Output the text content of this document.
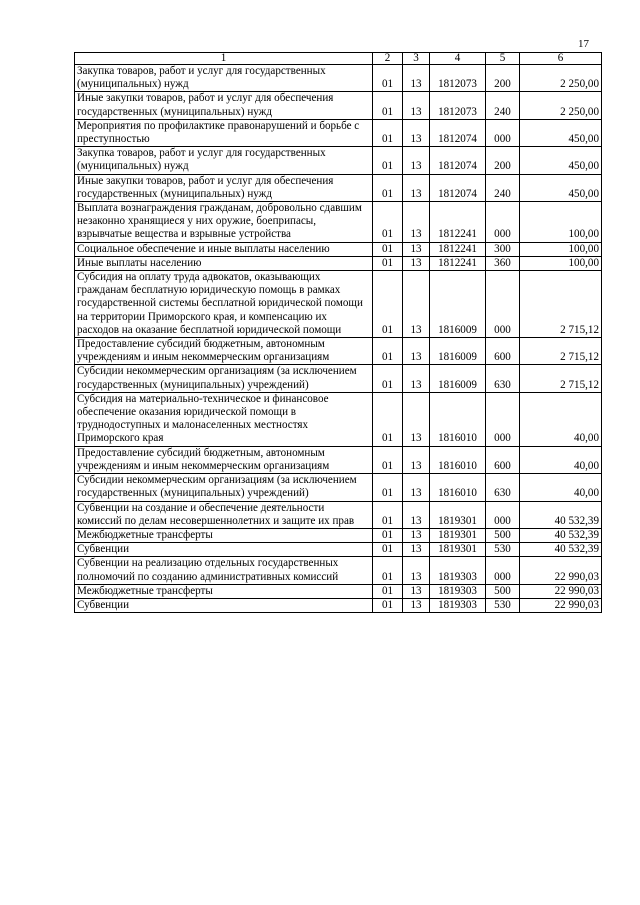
17
1	2	3	4	5	6
Закупка товаров, работ и услуг для государственных (муниципальных) нужд	01	13	1812073	200	2 250,00
Иные закупки товаров, работ и услуг для обеспечения государственных (муниципальных) нужд	01	13	1812073	240	2 250,00
Мероприятия по профилактике правонарушений и борьбе с преступностью	01	13	1812074	000	450,00
Закупка товаров, работ и услуг для государственных (муниципальных) нужд	01	13	1812074	200	450,00
Иные закупки товаров, работ и услуг для обеспечения государственных (муниципальных) нужд	01	13	1812074	240	450,00
Выплата вознаграждения гражданам, добровольно сдавшим незаконно хранящиеся у них оружие, боеприпасы, взрывчатые вещества и взрывные устройства	01	13	1812241	000	100,00
Социальное обеспечение и иные выплаты населению	01	13	1812241	300	100,00
Иные выплаты населению	01	13	1812241	360	100,00
Субсидия на оплату труда адвокатов, оказывающих гражданам бесплатную юридическую помощь в рамках государственной системы бесплатной юридической помощи на территории Приморского края, и компенсацию их расходов на оказание бесплатной юридической помощи	01	13	1816009	000	2 715,12
Предоставление субсидий бюджетным, автономным учреждениям и иным некоммерческим организациям	01	13	1816009	600	2 715,12
Субсидии некоммерческим организациям (за исключением государственных (муниципальных) учреждений)	01	13	1816009	630	2 715,12
Субсидия на материально-техническое и финансовое обеспечение оказания юридической помощи в труднодоступных и малонаселенных местностях Приморского края	01	13	1816010	000	40,00
Предоставление субсидий бюджетным, автономным учреждениям и иным некоммерческим организациям	01	13	1816010	600	40,00
Субсидии некоммерческим организациям (за исключением государственных (муниципальных) учреждений)	01	13	1816010	630	40,00
Субвенции на создание и обеспечение деятельности комиссий по делам несовершеннолетних и защите их прав	01	13	1819301	000	40 532,39
Межбюджетные трансферты	01	13	1819301	500	40 532,39
Субвенции	01	13	1819301	530	40 532,39
Субвенции на реализацию отдельных государственных полномочий по созданию административных комиссий	01	13	1819303	000	22 990,03
Межбюджетные трансферты	01	13	1819303	500	22 990,03
Субвенции	01	13	1819303	530	22 990,03
